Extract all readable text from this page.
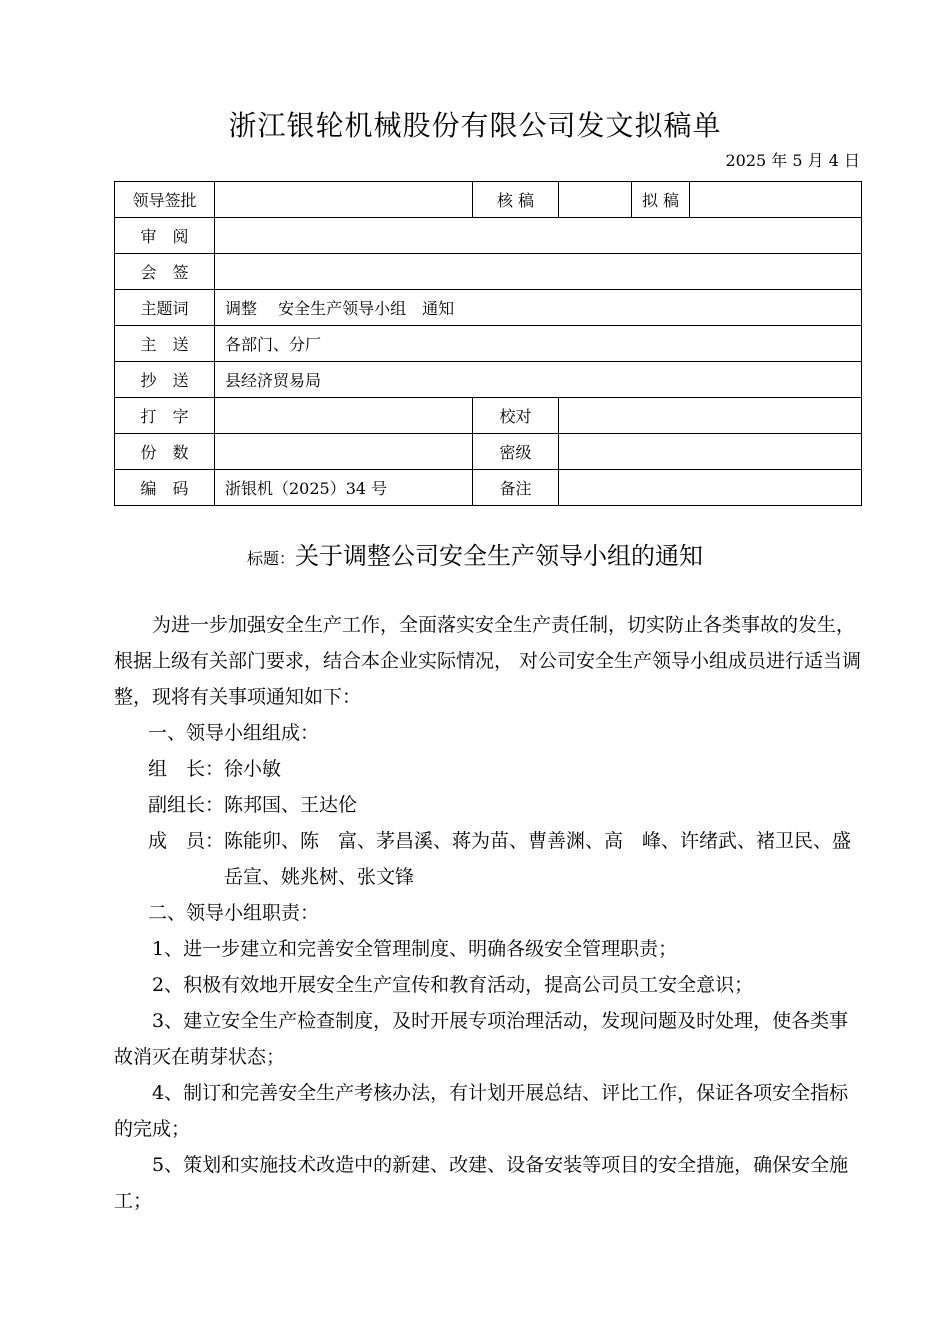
浙江银轮机械股份有限公司发文拟稿单
2025 年 5 月 4 日
领导签批		核 稿		拟 稿	
审　阅					
会　签					
主题词	调整　 安全生产领导小组　通知				
主　送	各部门、分厂				
抄　送	县经济贸易局				
打　字		校对			
份　数		密级			
编　码	浙银机（2025）34 号	备注			
标题：关于调整公司安全生产领导小组的通知

为进一步加强安全生产工作，全面落实安全生产责任制，切实防止各类事故的发生，根据上级有关部门要求，结合本企业实际情况， 对公司安全生产领导小组成员进行适当调整，现将有关事项通知如下：

一、领导小组组成：

组　长： 徐小敏
副组长： 陈邦国、王达伦
成　员： 陈能卯、陈　富、茅昌溪、蒋为苗、曹善渊、高　峰、许绪武、褚卫民、盛岳宣、姚兆树、张文锋

二、领导小组职责：

1、进一步建立和完善安全管理制度、明确各级安全管理职责；

2、积极有效地开展安全生产宣传和教育活动，提高公司员工安全意识；

3、建立安全生产检查制度，及时开展专项治理活动，发现问题及时处理，使各类事故消灭在萌芽状态；

4、制订和完善安全生产考核办法，有计划开展总结、评比工作，保证各项安全指标的完成；

5、策划和实施技术改造中的新建、改建、设备安装等项目的安全措施，确保安全施工；
